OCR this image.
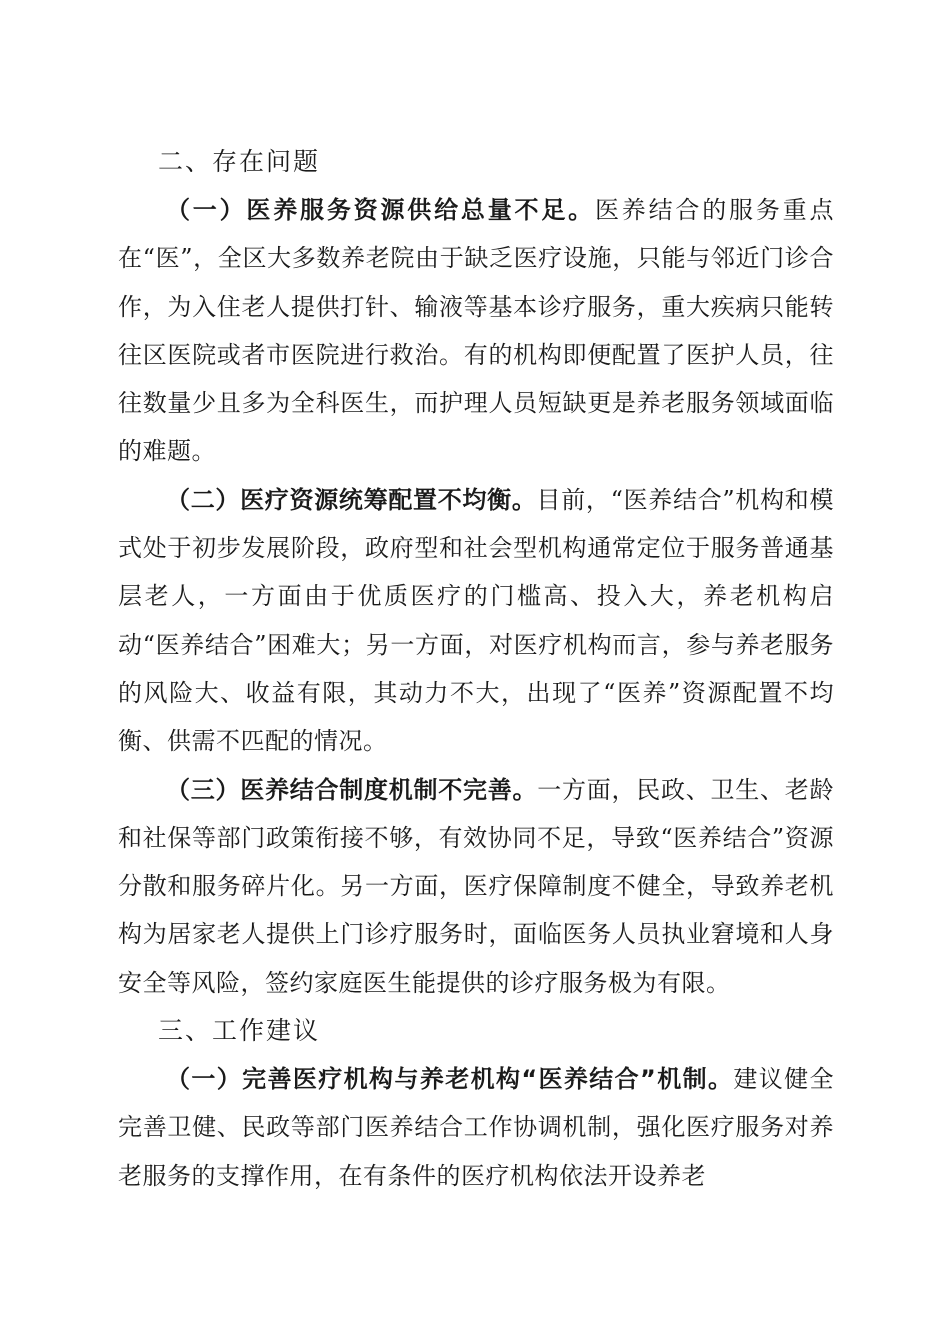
二、存在问题

（一）医养服务资源供给总量不足。医养结合的服务重点在“医”，全区大多数养老院由于缺乏医疗设施，只能与邻近门诊合作，为入住老人提供打针、输液等基本诊疗服务，重大疾病只能转往区医院或者市医院进行救治。有的机构即便配置了医护人员，往往数量少且多为全科医生，而护理人员短缺更是养老服务领域面临的难题。

（二）医疗资源统筹配置不均衡。目前，“医养结合”机构和模式处于初步发展阶段，政府型和社会型机构通常定位于服务普通基层老人，一方面由于优质医疗的门槛高、投入大，养老机构启动“医养结合”困难大；另一方面，对医疗机构而言，参与养老服务的风险大、收益有限，其动力不大，出现了“医养”资源配置不均衡、供需不匹配的情况。

（三）医养结合制度机制不完善。一方面，民政、卫生、老龄和社保等部门政策衔接不够，有效协同不足，导致“医养结合”资源分散和服务碎片化。另一方面，医疗保障制度不健全，导致养老机构为居家老人提供上门诊疗服务时，面临医务人员执业窘境和人身安全等风险，签约家庭医生能提供的诊疗服务极为有限。

三、工作建议

（一）完善医疗机构与养老机构“医养结合”机制。建议健全完善卫健、民政等部门医养结合工作协调机制，强化医疗服务对养老服务的支撑作用，在有条件的医疗机构依法开设养老
